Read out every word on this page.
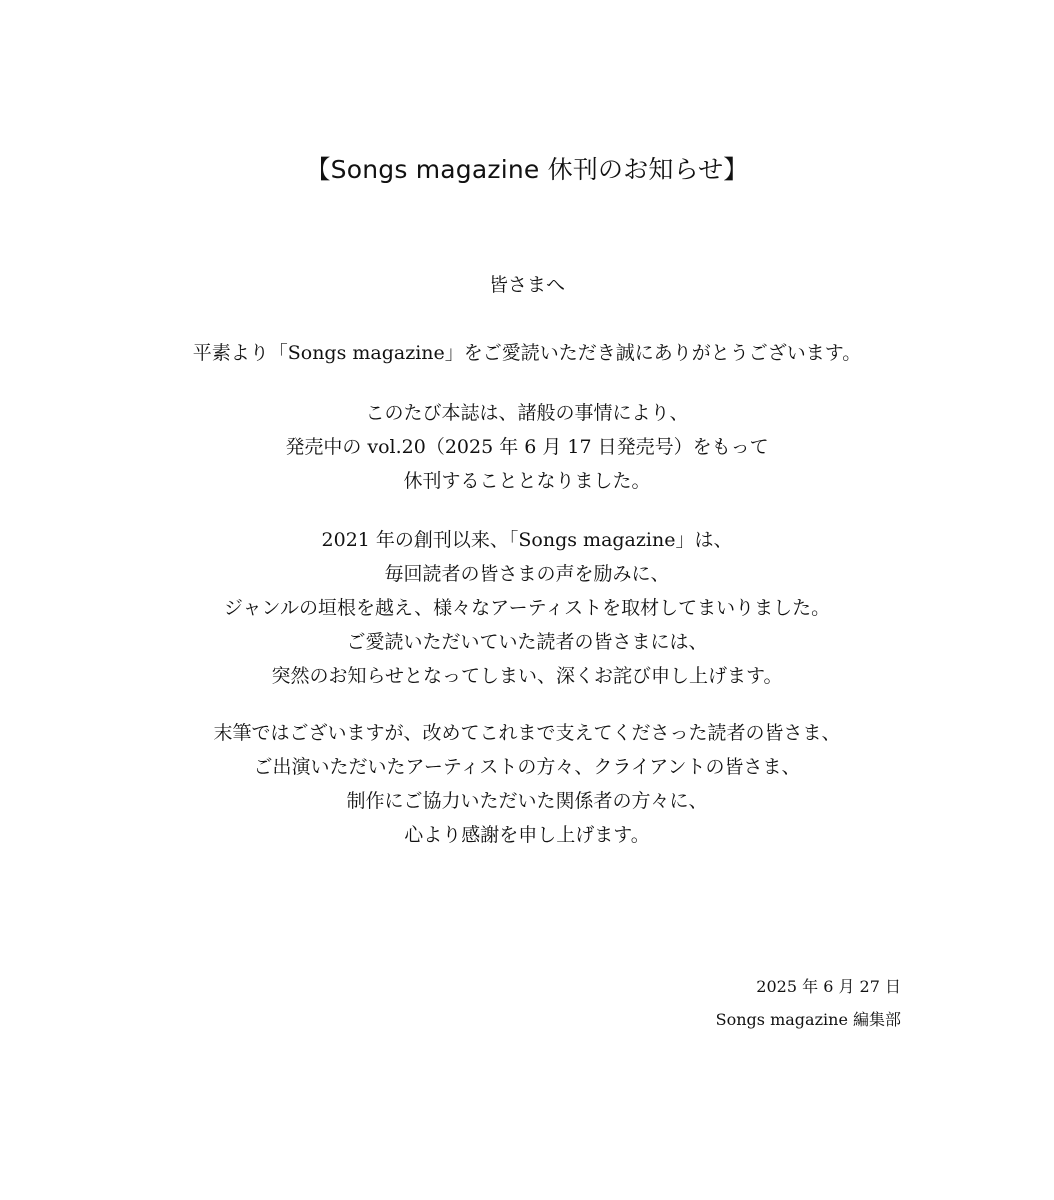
【Songs magazine 休刊のお知らせ】
皆さまへ
平素より「Songs magazine」をご愛読いただき誠にありがとうございます。
このたび本誌は、諸般の事情により、
発売中の vol.20（2025 年 6 月 17 日発売号）をもって
休刊することとなりました。
2021 年の創刊以来、「Songs magazine」は、
毎回読者の皆さまの声を励みに、
ジャンルの垣根を越え、様々なアーティストを取材してまいりました。
ご愛読いただいていた読者の皆さまには、
突然のお知らせとなってしまい、深くお詫び申し上げます。
末筆ではございますが、改めてこれまで支えてくださった読者の皆さま、
ご出演いただいたアーティストの方々、クライアントの皆さま、
制作にご協力いただいた関係者の方々に、
心より感謝を申し上げます。
2025 年 6 月 27 日
Songs magazine 編集部
